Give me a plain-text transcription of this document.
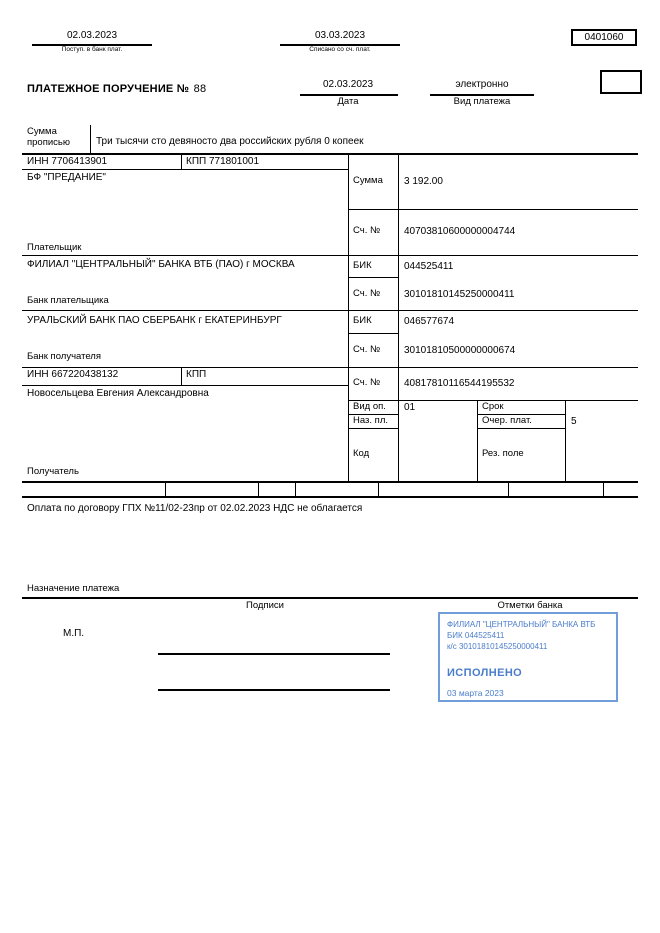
02.03.2023
Поступ. в банк плат.
03.03.2023
Списано со сч. плат.
0401060
ПЛАТЕЖНОЕ ПОРУЧЕНИЕ № 88	02.03.2023
Дата
электронно
Вид платежа
Сумма прописью	Три тысячи сто девяносто два российских рубля 0 копеек
ИНН 7706413901	КПП 771801001
БФ "ПРЕДАНИЕ"
Плательщик
Сумма 3 192.00
Сч. № 40703810600000004744
ФИЛИАЛ "ЦЕНТРАЛЬНЫЙ" БАНКА ВТБ (ПАО) г МОСКВА
Банк плательщика
БИК	044525411
Сч. № 30101810145250000411
УРАЛЬСКИЙ БАНК ПАО СБЕРБАНК г ЕКАТЕРИНБУРГ
Банк получателя
БИК	046577674
Сч. № 30101810500000000674
ИНН 667220438132	КПП
Новосельцева Евгения Александровна
Получатель
Сч. № 40817810116544195532
Вид оп. 01	Срок
Наз. пл.	Очер. плат.	5
Код	Рез. поле
Оплата по договору ГПХ №11/02-23пр от 02.02.2023 НДС не облагается
Назначение платежа
Подписи	Отметки банка
М.П.
ФИЛИАЛ "ЦЕНТРАЛЬНЫЙ" БАНКА ВТБ
БИК 044525411
к/с 30101810145250000411
ИСПОЛНЕНО
03 марта 2023
